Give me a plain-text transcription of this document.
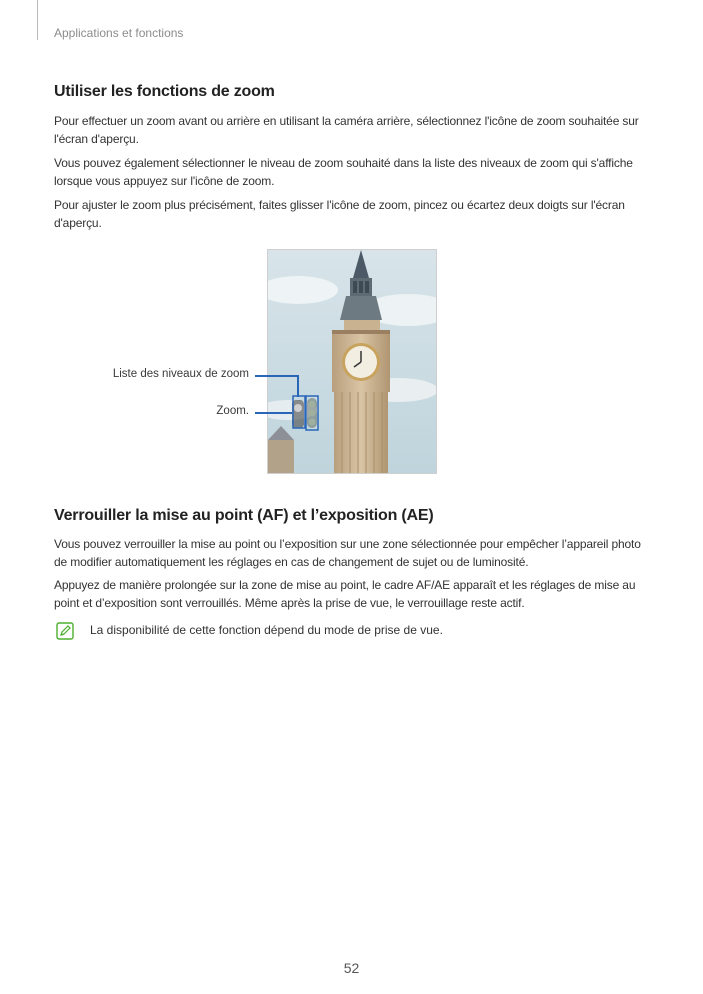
Applications et fonctions
Utiliser les fonctions de zoom

Pour effectuer un zoom avant ou arrière en utilisant la caméra arrière, sélectionnez l'icône de zoom souhaitée sur l'écran d'aperçu.

Vous pouvez également sélectionner le niveau de zoom souhaité dans la liste des niveaux de zoom qui s'affiche lorsque vous appuyez sur l'icône de zoom.

Pour ajuster le zoom plus précisément, faites glisser l'icône de zoom, pincez ou écartez deux doigts sur l'écran d'aperçu.

Liste des niveaux de zoom
Zoom.
Verrouiller la mise au point (AF) et l’exposition (AE)

Vous pouvez verrouiller la mise au point ou l’exposition sur une zone sélectionnée pour empêcher l’appareil photo de modifier automatiquement les réglages en cas de changement de sujet ou de luminosité.

Appuyez de manière prolongée sur la zone de mise au point, le cadre AF/AE apparaît et les réglages de mise au point et d’exposition sont verrouillés. Même après la prise de vue, le verrouillage reste actif.

La disponibilité de cette fonction dépend du mode de prise de vue.
52
